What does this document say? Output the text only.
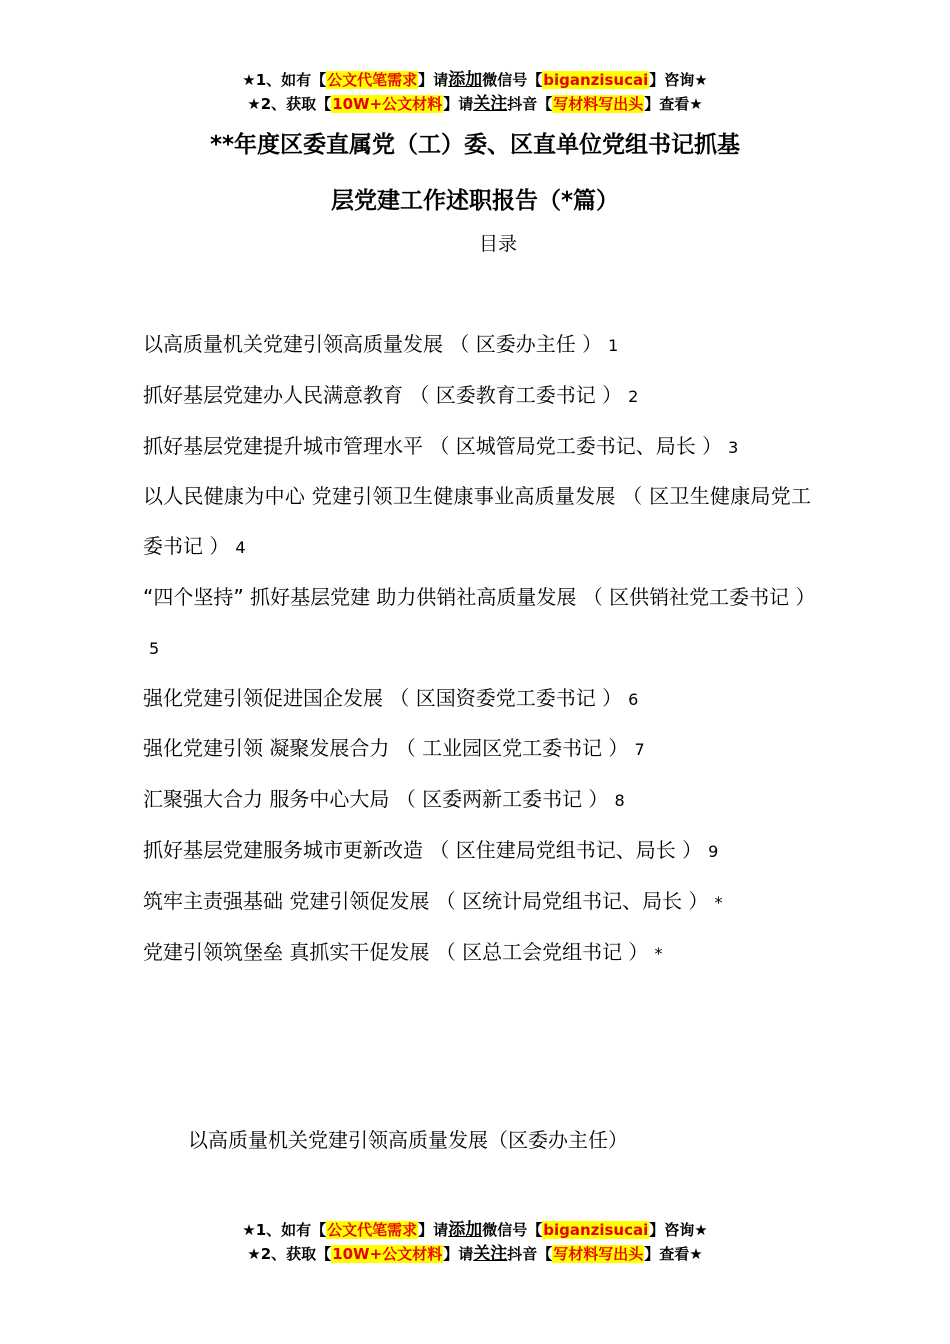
★1、如有【公文代笔需求】请添加微信号【biganzisucai】咨询★
★2、获取【10W+公文材料】请关注抖音【写材料写出头】查看★
**年度区委直属党（工）委、区直单位党组书记抓基
层党建工作述职报告（*篇）
目录
以高质量机关党建引领高质量发展 （ 区委办主任 ） 1
抓好基层党建办人民满意教育 （ 区委教育工委书记 ） 2
抓好基层党建提升城市管理水平 （ 区城管局党工委书记、局长 ） 3
以人民健康为中心 党建引领卫生健康事业高质量发展 （ 区卫生健康局党工委书记 ） 4
“四个坚持” 抓好基层党建 助力供销社高质量发展 （ 区供销社党工委书记 ）5
强化党建引领促进国企发展 （ 区国资委党工委书记 ） 6
强化党建引领 凝聚发展合力 （ 工业园区党工委书记 ） 7
汇聚强大合力 服务中心大局 （ 区委两新工委书记 ） 8
抓好基层党建服务城市更新改造 （ 区住建局党组书记、局长 ） 9
筑牢主责强基础 党建引领促发展 （ 区统计局党组书记、局长 ） *
党建引领筑堡垒 真抓实干促发展 （ 区总工会党组书记 ） *
以高质量机关党建引领高质量发展（区委办主任）
★1、如有【公文代笔需求】请添加微信号【biganzisucai】咨询★
★2、获取【10W+公文材料】请关注抖音【写材料写出头】查看★
